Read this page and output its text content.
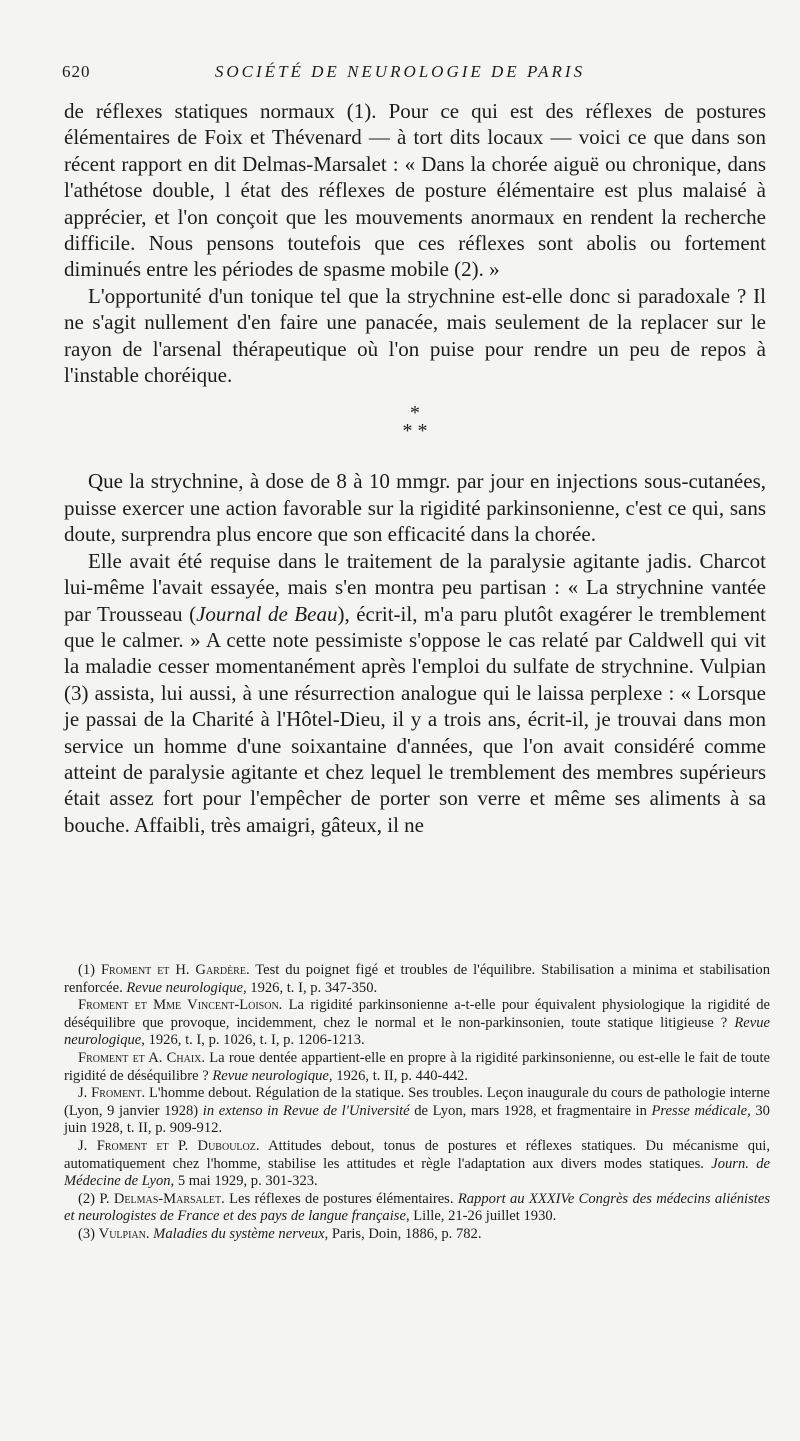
620	SOCIÉTÉ DE NEUROLOGIE DE PARIS

de réflexes statiques normaux (1). Pour ce qui est des réflexes de postures élémentaires de Foix et Thévenard — à tort dits locaux — voici ce que dans son récent rapport en dit Delmas-Marsalet : « Dans la chorée aiguë ou chronique, dans l'athétose double, l état des réflexes de posture élémentaire est plus malaisé à apprécier, et l'on conçoit que les mouvements anormaux en rendent la recherche difficile. Nous pensons toutefois que ces réflexes sont abolis ou fortement diminués entre les périodes de spasme mobile (2). »

L'opportunité d'un tonique tel que la strychnine est-elle donc si paradoxale ? Il ne s'agit nullement d'en faire une panacée, mais seulement de la replacer sur le rayon de l'arsenal thérapeutique où l'on puise pour rendre un peu de repos à l'instable choréique.

*
* *

Que la strychnine, à dose de 8 à 10 mmgr. par jour en injections sous-cutanées, puisse exercer une action favorable sur la rigidité parkinsonienne, c'est ce qui, sans doute, surprendra plus encore que son efficacité dans la chorée.

Elle avait été requise dans le traitement de la paralysie agitante jadis. Charcot lui-même l'avait essayée, mais s'en montra peu partisan : « La strychnine vantée par Trousseau (Journal de Beau), écrit-il, m'a paru plutôt exagérer le tremblement que le calmer. » A cette note pessimiste s'oppose le cas relaté par Caldwell qui vit la maladie cesser momentanément après l'emploi du sulfate de strychnine. Vulpian (3) assista, lui aussi, à une résurrection analogue qui le laissa perplexe : « Lorsque je passai de la Charité à l'Hôtel-Dieu, il y a trois ans, écrit-il, je trouvai dans mon service un homme d'une soixantaine d'années, que l'on avait considéré comme atteint de paralysie agitante et chez lequel le tremblement des membres supérieurs était assez fort pour l'empêcher de porter son verre et même ses aliments à sa bouche. Affaibli, très amaigri, gâteux, il ne

(1) Froment et H. Gardère. Test du poignet figé et troubles de l'équilibre. Stabilisation a minima et stabilisation renforcée. Revue neurologique, 1926, t. I, p. 347-350.

Froment et Mme Vincent-Loison. La rigidité parkinsonienne a-t-elle pour équivalent physiologique la rigidité de déséquilibre que provoque, incidemment, chez le normal et le non-parkinsonien, toute statique litigieuse ? Revue neurologique, 1926, t. I, p. 1026, t. I, p. 1206-1213.

Froment et A. Chaix. La roue dentée appartient-elle en propre à la rigidité parkinsonienne, ou est-elle le fait de toute rigidité de déséquilibre ? Revue neurologique, 1926, t. II, p. 440-442.

J. Froment. L'homme debout. Régulation de la statique. Ses troubles. Leçon inaugurale du cours de pathologie interne (Lyon, 9 janvier 1928) in extenso in Revue de l'Université de Lyon, mars 1928, et fragmentaire in Presse médicale, 30 juin 1928, t. II, p. 909-912.

J. Froment et P. Dubouloz. Attitudes debout, tonus de postures et réflexes statiques. Du mécanisme qui, automatiquement chez l'homme, stabilise les attitudes et règle l'adaptation aux divers modes statiques. Journ. de Médecine de Lyon, 5 mai 1929, p. 301-323.

(2) P. Delmas-Marsalet. Les réflexes de postures élémentaires. Rapport au XXXIVe Congrès des médecins aliénistes et neurologistes de France et des pays de langue française, Lille, 21-26 juillet 1930.

(3) Vulpian. Maladies du système nerveux, Paris, Doin, 1886, p. 782.
